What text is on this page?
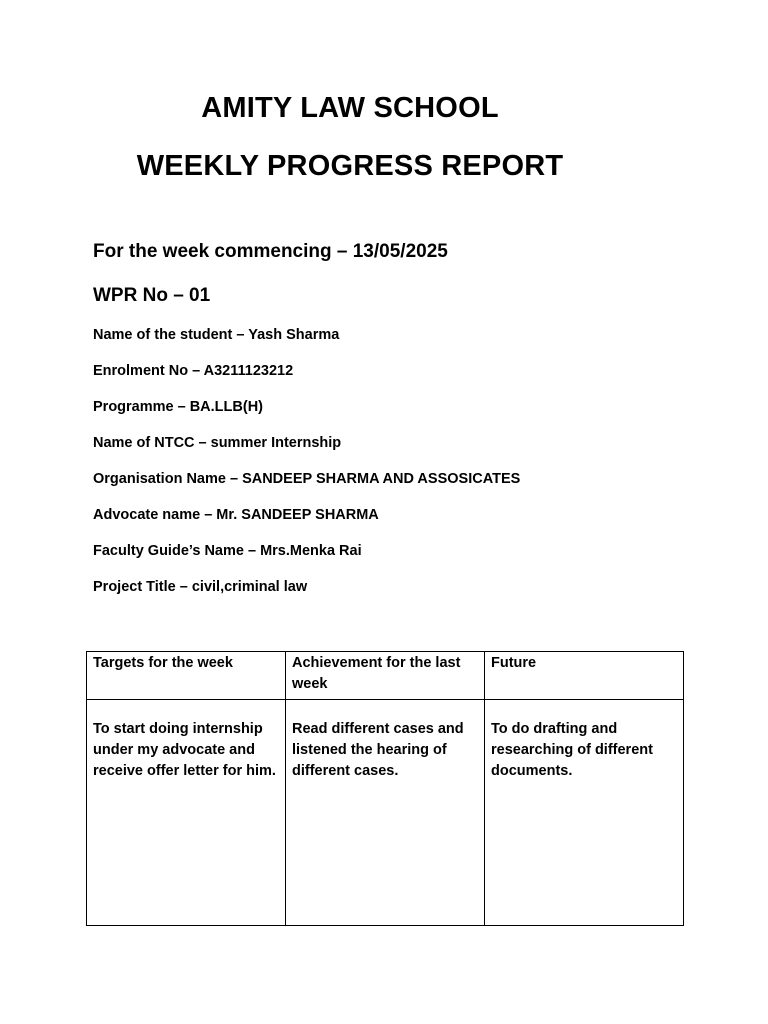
AMITY LAW SCHOOL
WEEKLY PROGRESS REPORT
For the week commencing – 13/05/2025
WPR No – 01
Name of the student – Yash Sharma
Enrolment No – A3211123212
Programme – BA.LLB(H)
Name of NTCC – summer Internship
Organisation Name – SANDEEP SHARMA AND ASSOSICATES
Advocate name – Mr. SANDEEP SHARMA
Faculty Guide’s Name – Mrs.Menka Rai
Project Title – civil,criminal law
Targets for the week	Achievement for the last week	Future
To start doing internship under my advocate and receive offer letter for him.	Read different cases and listened the hearing of different cases.	To do drafting and researching of different documents.
